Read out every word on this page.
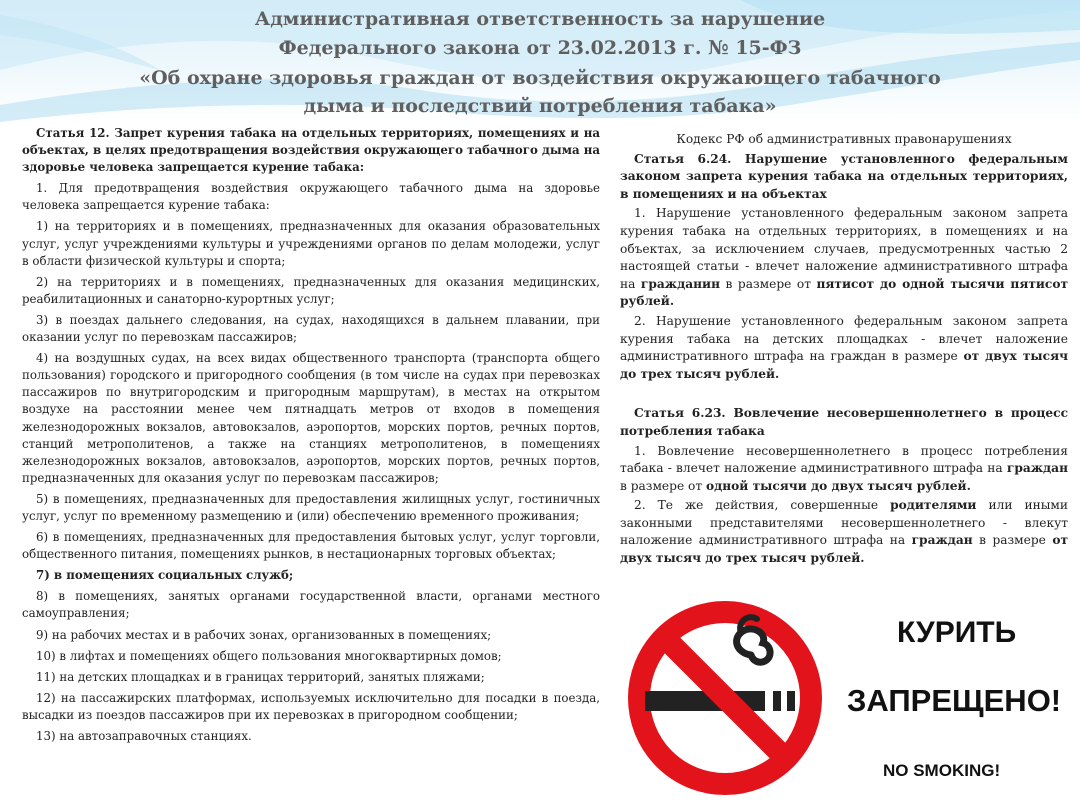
Административная ответственность за нарушение
Федерального закона от 23.02.2013 г. № 15-ФЗ
«Об охране здоровья граждан от воздействия окружающего табачного
дыма и последствий потребления табака»

Статья 12. Запрет курения табака на отдельных территориях, помещениях и на объектах, в целях предотвращения воздействия окружающего табачного дыма на здоровье человека запрещается курение табака:

1. Для предотвращения воздействия окружающего табачного дыма на здоровье человека запрещается курение табака:

1) на территориях и в помещениях, предназначенных для оказания образовательных услуг, услуг учреждениями культуры и учреждениями органов по делам молодежи, услуг в области физической культуры и спорта;

2) на территориях и в помещениях, предназначенных для оказания медицинских, реабилитационных и санаторно-курортных услуг;

3) в поездах дальнего следования, на судах, находящихся в дальнем плавании, при оказании услуг по перевозкам пассажиров;

4) на воздушных судах, на всех видах общественного транспорта (транспорта общего пользования) городского и пригородного сообщения (в том числе на судах при перевозках пассажиров по внутригородским и пригородным маршрутам), в местах на открытом воздухе на расстоянии менее чем пятнадцать метров от входов в помещения железнодорожных вокзалов, автовокзалов, аэропортов, морских портов, речных портов, станций метрополитенов, а также на станциях метрополитенов, в помещениях железнодорожных вокзалов, автовокзалов, аэропортов, морских портов, речных портов, предназначенных для оказания услуг по перевозкам пассажиров;

5) в помещениях, предназначенных для предоставления жилищных услуг, гостиничных услуг, услуг по временному размещению и (или) обеспечению временного проживания;

6) в помещениях, предназначенных для предоставления бытовых услуг, услуг торговли, общественного питания, помещениях рынков, в нестационарных торговых объектах;

7) в помещениях социальных служб;

8) в помещениях, занятых органами государственной власти, органами местного самоуправления;

9) на рабочих местах и в рабочих зонах, организованных в помещениях;

10) в лифтах и помещениях общего пользования многоквартирных домов;

11) на детских площадках и в границах территорий, занятых пляжами;

12) на пассажирских платформах, используемых исключительно для посадки в поезда, высадки из поездов пассажиров при их перевозках в пригородном сообщении;

13) на автозаправочных станциях.

Кодекс РФ об административных правонарушениях

Статья 6.24. Нарушение установленного федеральным законом запрета курения табака на отдельных территориях, в помещениях и на объектах

1. Нарушение установленного федеральным законом запрета курения табака на отдельных территориях, в помещениях и на объектах, за исключением случаев, предусмотренных частью 2 настоящей статьи - влечет наложение административного штрафа на гражданин в размере от пятисот до одной тысячи пятисот рублей.

2. Нарушение установленного федеральным законом запрета курения табака на детских площадках - влечет наложение административного штрафа на граждан в размере от двух тысяч до трех тысяч рублей.

Статья 6.23. Вовлечение несовершеннолетнего в процесс потребления табака

1. Вовлечение несовершеннолетнего в процесс потребления табака - влечет наложение административного штрафа на граждан в размере от одной тысячи до двух тысяч рублей.

2. Те же действия, совершенные родителями или иными законными представителями несовершеннолетнего - влекут наложение административного штрафа на граждан в размере от двух тысяч до трех тысяч рублей.

КУРИТЬ
ЗАПРЕЩЕНО!
NO SMOKING!
